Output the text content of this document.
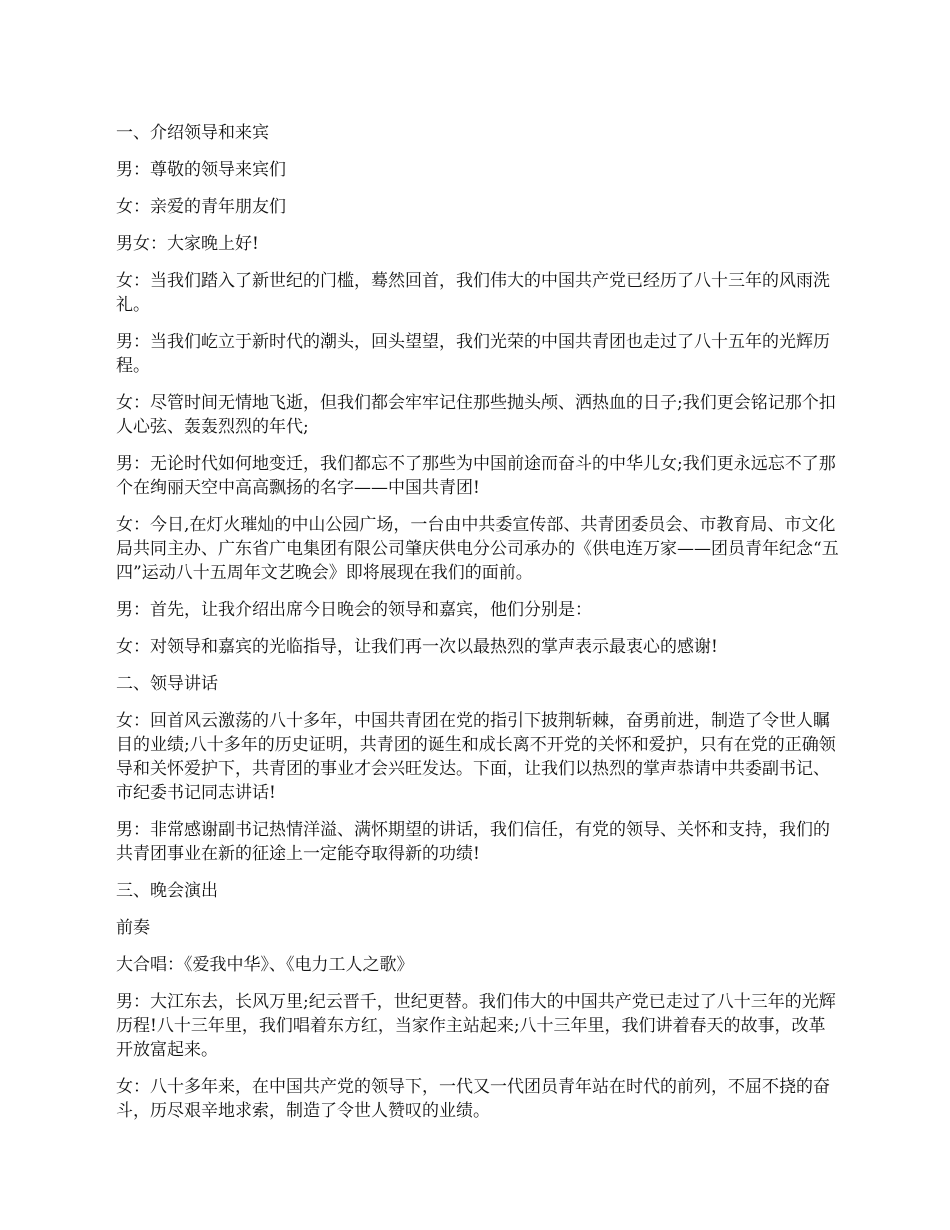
一、介绍领导和来宾

男：尊敬的领导来宾们

女：亲爱的青年朋友们

男女：大家晚上好!

女：当我们踏入了新世纪的门槛，蓦然回首，我们伟大的中国共产党已经历了八十三年的风雨洗礼。

男：当我们屹立于新时代的潮头，回头望望，我们光荣的中国共青团也走过了八十五年的光辉历程。

女：尽管时间无情地飞逝，但我们都会牢牢记住那些抛头颅、洒热血的日子;我们更会铭记那个扣人心弦、轰轰烈烈的年代;

男：无论时代如何地变迁，我们都忘不了那些为中国前途而奋斗的中华儿女;我们更永远忘不了那个在绚丽天空中高高飘扬的名字——中国共青团!

女：今日,在灯火璀灿的中山公园广场，一台由中共委宣传部、共青团委员会、市教育局、市文化局共同主办、广东省广电集团有限公司肇庆供电分公司承办的《供电连万家——团员青年纪念“五四”运动八十五周年文艺晚会》即将展现在我们的面前。

男：首先，让我介绍出席今日晚会的领导和嘉宾，他们分别是：

女：对领导和嘉宾的光临指导，让我们再一次以最热烈的掌声表示最衷心的感谢!

二、领导讲话

女：回首风云激荡的八十多年，中国共青团在党的指引下披荆斩棘，奋勇前进，制造了令世人瞩目的业绩;八十多年的历史证明，共青团的诞生和成长离不开党的关怀和爱护，只有在党的正确领导和关怀爱护下，共青团的事业才会兴旺发达。下面，让我们以热烈的掌声恭请中共委副书记、市纪委书记同志讲话!

男：非常感谢副书记热情洋溢、满怀期望的讲话，我们信任，有党的领导、关怀和支持，我们的共青团事业在新的征途上一定能夺取得新的功绩!

三、晚会演出

前奏

大合唱：《爱我中华》、《电力工人之歌》

男：大江东去，长风万里;纪云晋千，世纪更替。我们伟大的中国共产党已走过了八十三年的光辉历程!八十三年里，我们唱着东方红，当家作主站起来;八十三年里，我们讲着春天的故事，改革开放富起来。

女：八十多年来，在中国共产党的领导下，一代又一代团员青年站在时代的前列，不屈不挠的奋斗，历尽艰辛地求索，制造了令世人赞叹的业绩。
